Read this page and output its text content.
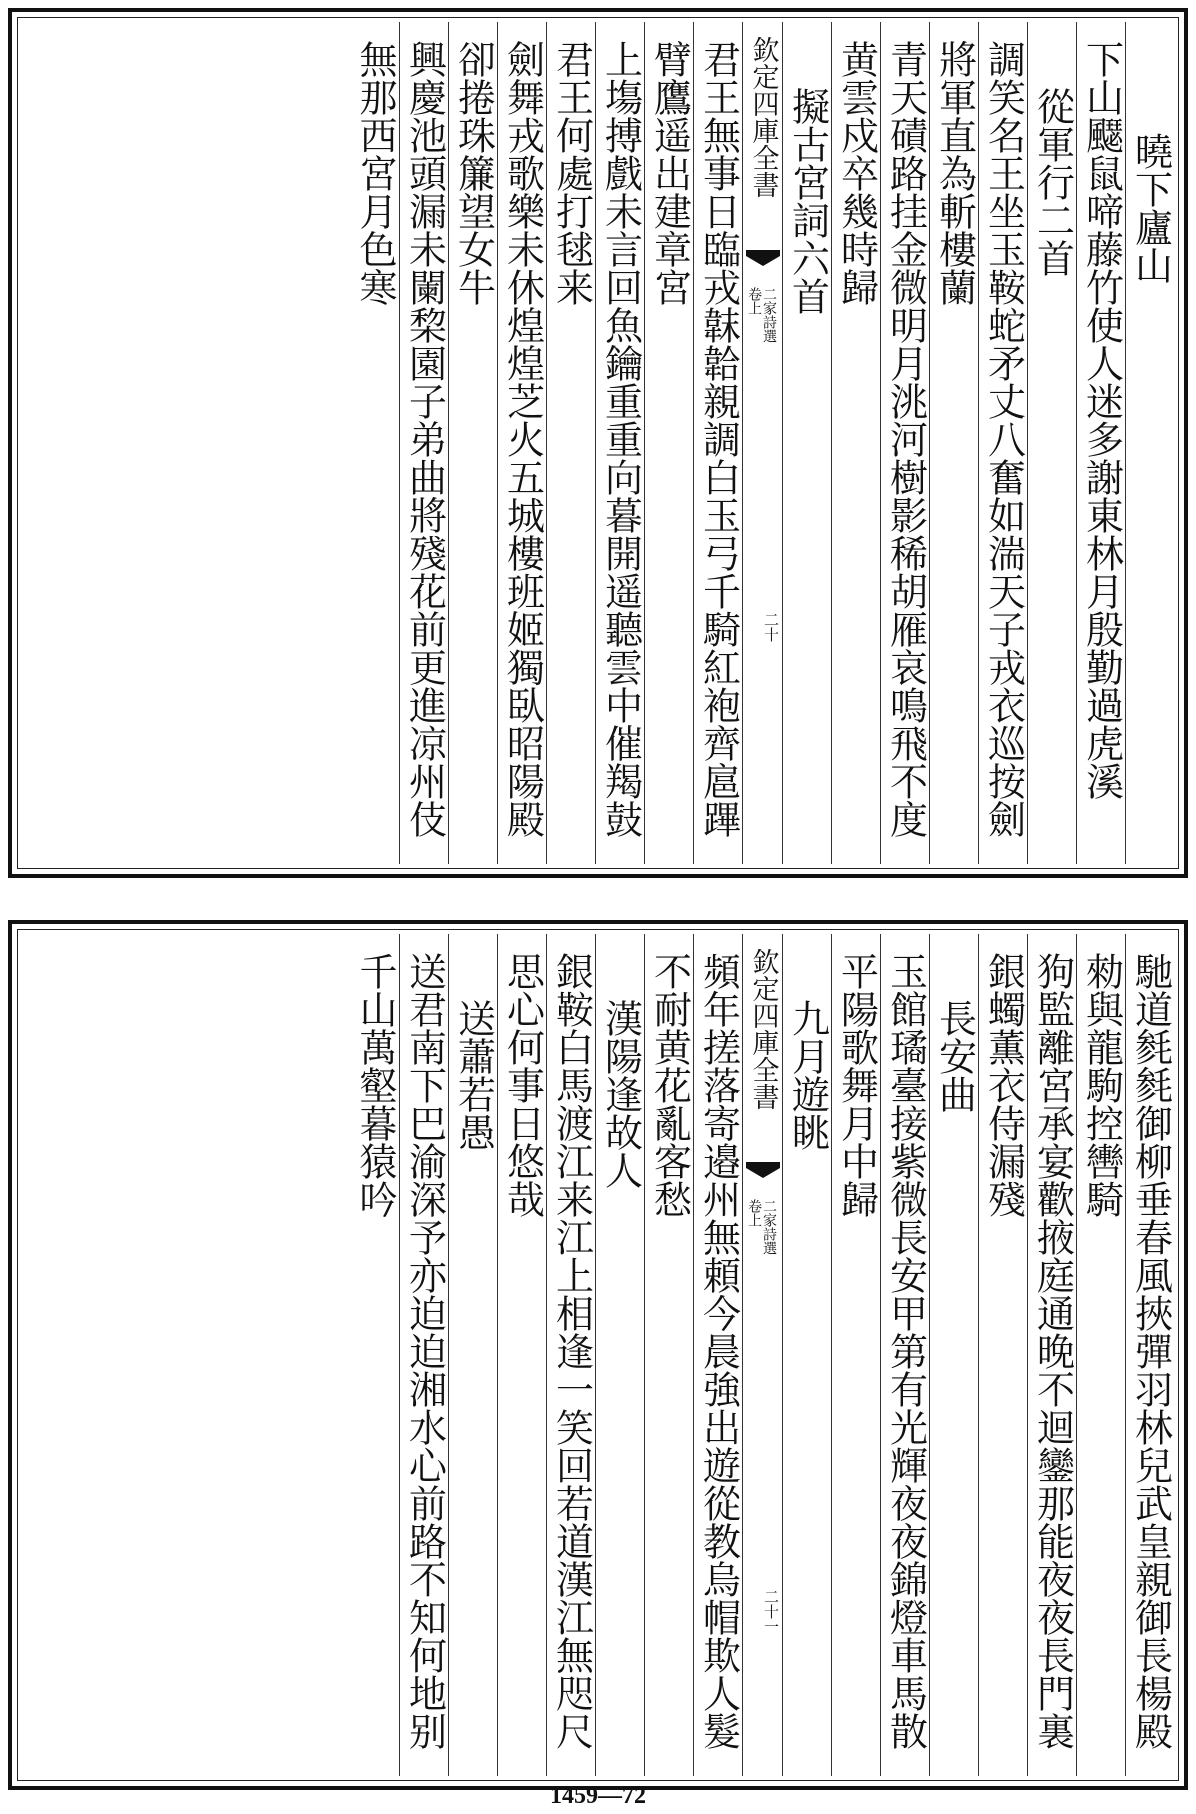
曉下廬山
下山飋鼠啼藤竹使人迷多謝東林月殷勤過虎溪
從軍行二首
調笑名王坐玉鞍蛇矛丈八奮如湍天子戎衣巡按劍
將軍直為斬樓蘭
青天磧路挂金微明月洮河樹影稀胡雁哀鳴飛不度
黄雲戍卒幾時歸
擬古宮詞六首
欽定四庫全書
二家詩選
卷上
二十
君王無事日臨戎韎韐親調白玉弓千騎紅袍齊扈蹕
臂鷹遥出建章宮
上塲搏戲未言回魚鑰重重向暮開遥聽雲中催羯鼓
君王何處打毬来
劍舞戎歌樂未休煌煌芝火五城樓班姬獨臥昭陽殿
卻捲珠簾望女牛
興慶池頭漏未闌棃園子弟曲將殘花前更進凉州伎
無那西宮月色寒
馳道毵毵御柳垂春風挾彈羽林兒武皇親御長楊殿
勑與龍駒控轡騎
狗監離宮承宴歡掖庭通晚不迴鑾那能夜夜長門裏
銀蠋薫衣侍漏殘
長安曲
玉館璚臺接紫微長安甲第有光輝夜夜錦燈車馬散
平陽歌舞月中歸
九月遊眺
欽定四庫全書
二家詩選
卷上
二十一
頻年搓落寄邉州無頼今晨強出遊從教烏帽欺人髮
不耐黄花亂客愁
漢陽逢故人
銀鞍白馬渡江来江上相逢一笑回若道漢江無咫尺
思心何事日悠哉
送蕭若愚
送君南下巴渝深予亦迫迫湘水心前路不知何地别
千山萬壑暮猿吟
1459—72
